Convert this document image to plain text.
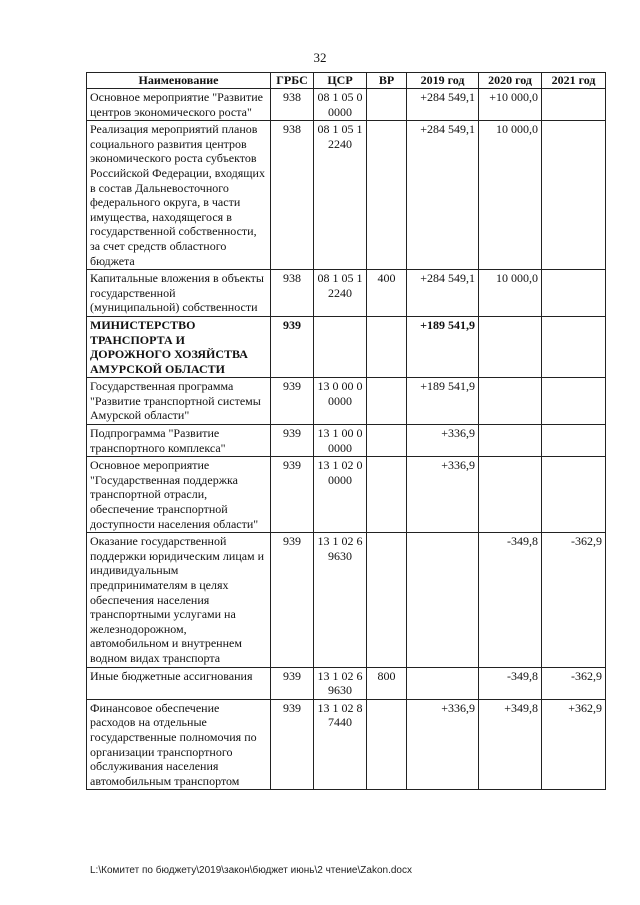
32
Наименование	ГРБС	ЦСР	ВР	2019 год	2020 год	2021 год
Основное мероприятие "Развитие центров экономического роста"	938	08 1 05 00000		+284 549,1	+10 000,0	
Реализация мероприятий планов социального развития центров экономического роста субъектов Российской Федерации, входящих в состав Дальневосточного федерального округа, в части имущества, находящегося в государственной собственности, за счет средств областного бюджета	938	08 1 05 12240		+284 549,1	10 000,0	
Капитальные вложения в объекты государственной (муниципальной) собственности	938	08 1 05 12240	400	+284 549,1	10 000,0	
МИНИСТЕРСТВО ТРАНСПОРТА И ДОРОЖНОГО ХОЗЯЙСТВА АМУРСКОЙ ОБЛАСТИ	939			+189 541,9		
Государственная программа "Развитие транспортной системы Амурской области"	939	13 0 00 00000		+189 541,9		
Подпрограмма "Развитие транспортного комплекса"	939	13 1 00 00000		+336,9		
Основное мероприятие "Государственная поддержка транспортной отрасли, обеспечение транспортной доступности населения области"	939	13 1 02 00000		+336,9		
Оказание государственной поддержки юридическим лицам и индивидуальным предпринимателям в целях обеспечения населения транспортными услугами на железнодорожном, автомобильном и внутреннем водном видах транспорта	939	13 1 02 69630			-349,8	-362,9
Иные бюджетные ассигнования	939	13 1 02 69630	800		-349,8	-362,9
Финансовое обеспечение расходов на отдельные государственные полномочия по организации транспортного обслуживания населения автомобильным транспортом	939	13 1 02 87440		+336,9	+349,8	+362,9
L:\Комитет по бюджету\2019\закон\бюджет июнь\2 чтение\Zakon.docx
